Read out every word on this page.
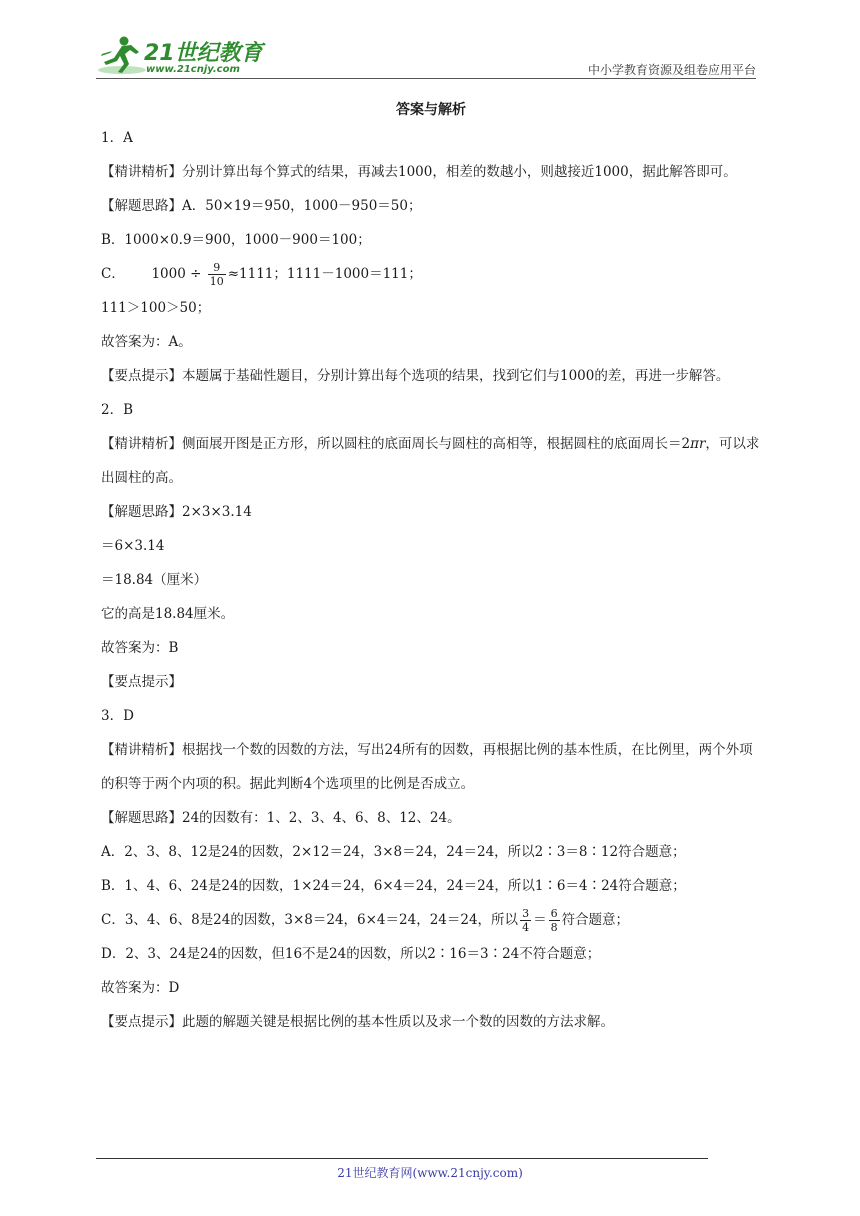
21世纪教育
www.21cnjy.com	中小学教育资源及组卷应用平台
答案与解析
1．A
【精讲精析】分别计算出每个算式的结果，再减去1000，相差的数越小，则越接近1000，据此解答即可。
【解题思路】A．50×19＝950，1000－950＝50；
B．1000×0.9＝900，1000－900＝100；
C． $1000 \div \frac{9}{10} \approx 1111$；1111－1000＝111；
111＞100＞50；
故答案为：A。
【要点提示】本题属于基础性题目，分别计算出每个选项的结果，找到它们与1000的差，再进一步解答。
2．B
【精讲精析】侧面展开图是正方形，所以圆柱的底面周长与圆柱的高相等，根据圆柱的底面周长＝2πr，可以求出圆柱的高。
【解题思路】2×3×3.14
＝6×3.14
＝18.84（厘米）
它的高是18.84厘米。
故答案为：B
【要点提示】
3．D
【精讲精析】根据找一个数的因数的方法，写出24所有的因数，再根据比例的基本性质，在比例里，两个外项的积等于两个内项的积。据此判断4个选项里的比例是否成立。
【解题思路】24的因数有：1、2、3、4、6、8、12、24。
A．2、3、8、12是24的因数，2×12＝24，3×8＝24，24＝24，所以2∶3＝8∶12符合题意；
B．1、4、6、24是24的因数，1×24＝24，6×4＝24，24＝24，所以1∶6＝4∶24符合题意；
C．3、4、6、8是24的因数，3×8＝24，6×4＝24，24＝24，所以 $\frac{3}{4} = \frac{6}{8}$ 符合题意；
D．2、3、24是24的因数，但16不是24的因数，所以2∶16＝3∶24不符合题意；
故答案为：D
【要点提示】此题的解题关键是根据比例的基本性质以及求一个数的因数的方法求解。
21世纪教育网(www.21cnjy.com)
